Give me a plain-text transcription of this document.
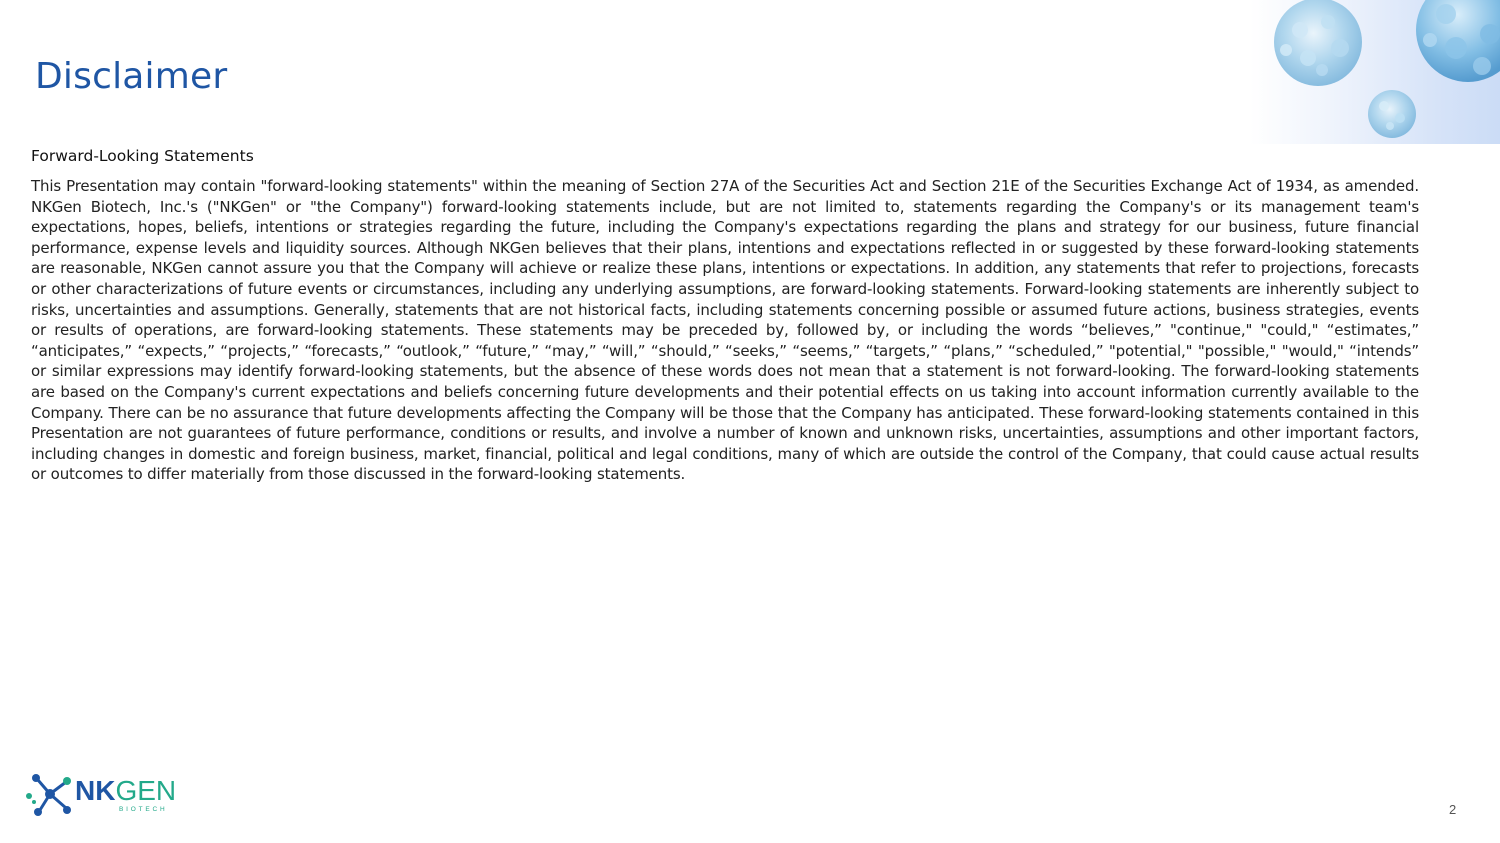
Disclaimer
Forward-Looking Statements

This Presentation may contain "forward-looking statements" within the meaning of Section 27A of the Securities Act and Section 21E of the Securities Exchange Act of 1934, as amended. NKGen Biotech, Inc.'s ("NKGen" or "the Company") forward-looking statements include, but are not limited to, statements regarding the Company's or its management team's expectations, hopes, beliefs, intentions or strategies regarding the future, including the Company's expectations regarding the plans and strategy for our business, future financial performance, expense levels and liquidity sources. Although NKGen believes that their plans, intentions and expectations reflected in or suggested by these forward-looking statements are reasonable, NKGen cannot assure you that the Company will achieve or realize these plans, intentions or expectations. In addition, any statements that refer to projections, forecasts or other characterizations of future events or circumstances, including any underlying assumptions, are forward-looking statements. Forward-looking statements are inherently subject to risks, uncertainties and assumptions. Generally, statements that are not historical facts, including statements concerning possible or assumed future actions, business strategies, events or results of operations, are forward-looking statements. These statements may be preceded by, followed by, or including the words “believes,” "continue," "could," “estimates,” “anticipates,” “expects,” “projects,” “forecasts,” “outlook,” “future,” “may,” “will,” “should,” “seeks,” “seems,” “targets,” “plans,” “scheduled,” "potential," "possible," "would," “intends” or similar expressions may identify forward-looking statements, but the absence of these words does not mean that a statement is not forward-looking. The forward-looking statements are based on the Company's current expectations and beliefs concerning future developments and their potential effects on us taking into account information currently available to the Company. There can be no assurance that future developments affecting the Company will be those that the Company has anticipated. These forward-looking statements contained in this Presentation are not guarantees of future performance, conditions or results, and involve a number of known and unknown risks, uncertainties, assumptions and other important factors, including changes in domestic and foreign business, market, financial, political and legal conditions, many of which are outside the control of the Company, that could cause actual results or outcomes to differ materially from those discussed in the forward-looking statements.

NKGEN
BIOTECH	2
